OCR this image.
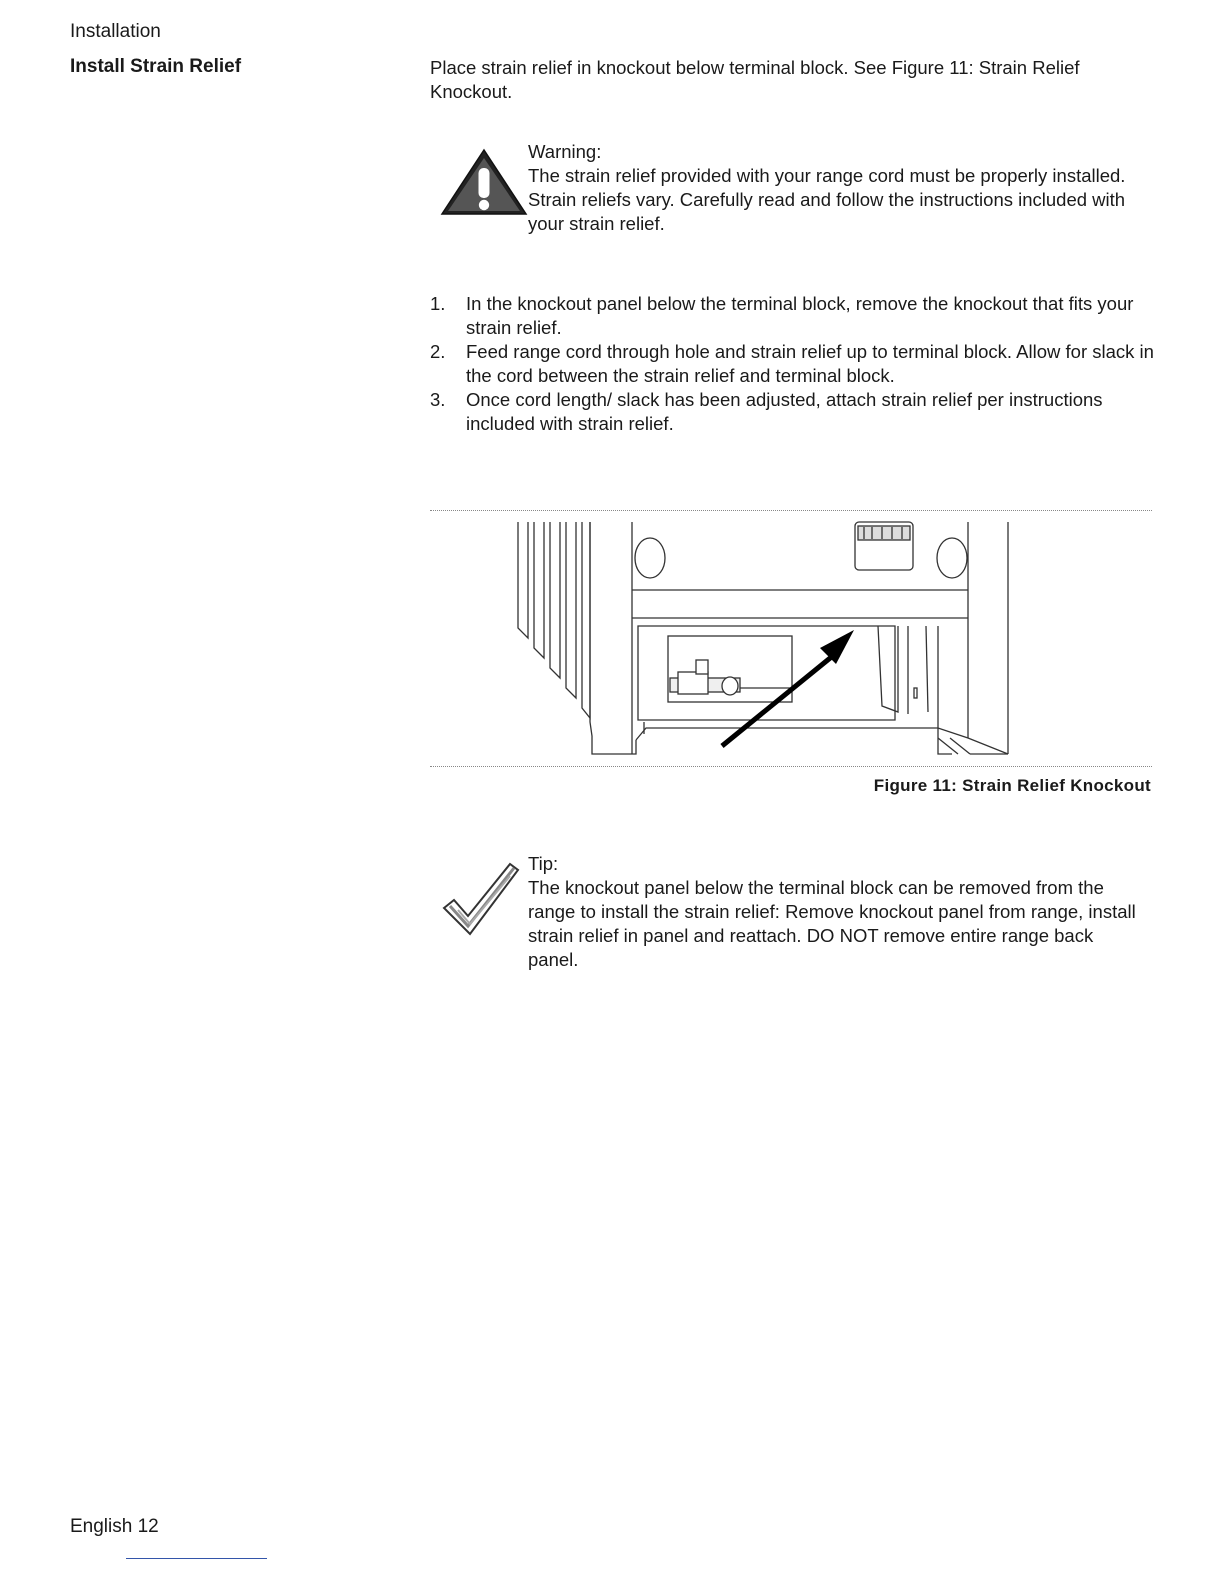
Installation
Install Strain Relief	Place strain relief in knockout below terminal block. See Figure 11: Strain Relief Knockout.
Warning:
The strain relief provided with your range cord must be properly installed.
Strain reliefs vary. Carefully read and follow the instructions included with your strain relief.
1. In the knockout panel below the terminal block, remove the knockout that fits your strain relief.
2. Feed range cord through hole and strain relief up to terminal block. Allow for slack in the cord between the strain relief and terminal block.
3. Once cord length/ slack has been adjusted, attach strain relief per instructions included with strain relief.
Figure 11: Strain Relief Knockout
Tip:
The knockout panel below the terminal block can be removed from the range to install the strain relief: Remove knockout panel from range, install strain relief in panel and reattach. DO NOT remove entire range back panel.
English 12
